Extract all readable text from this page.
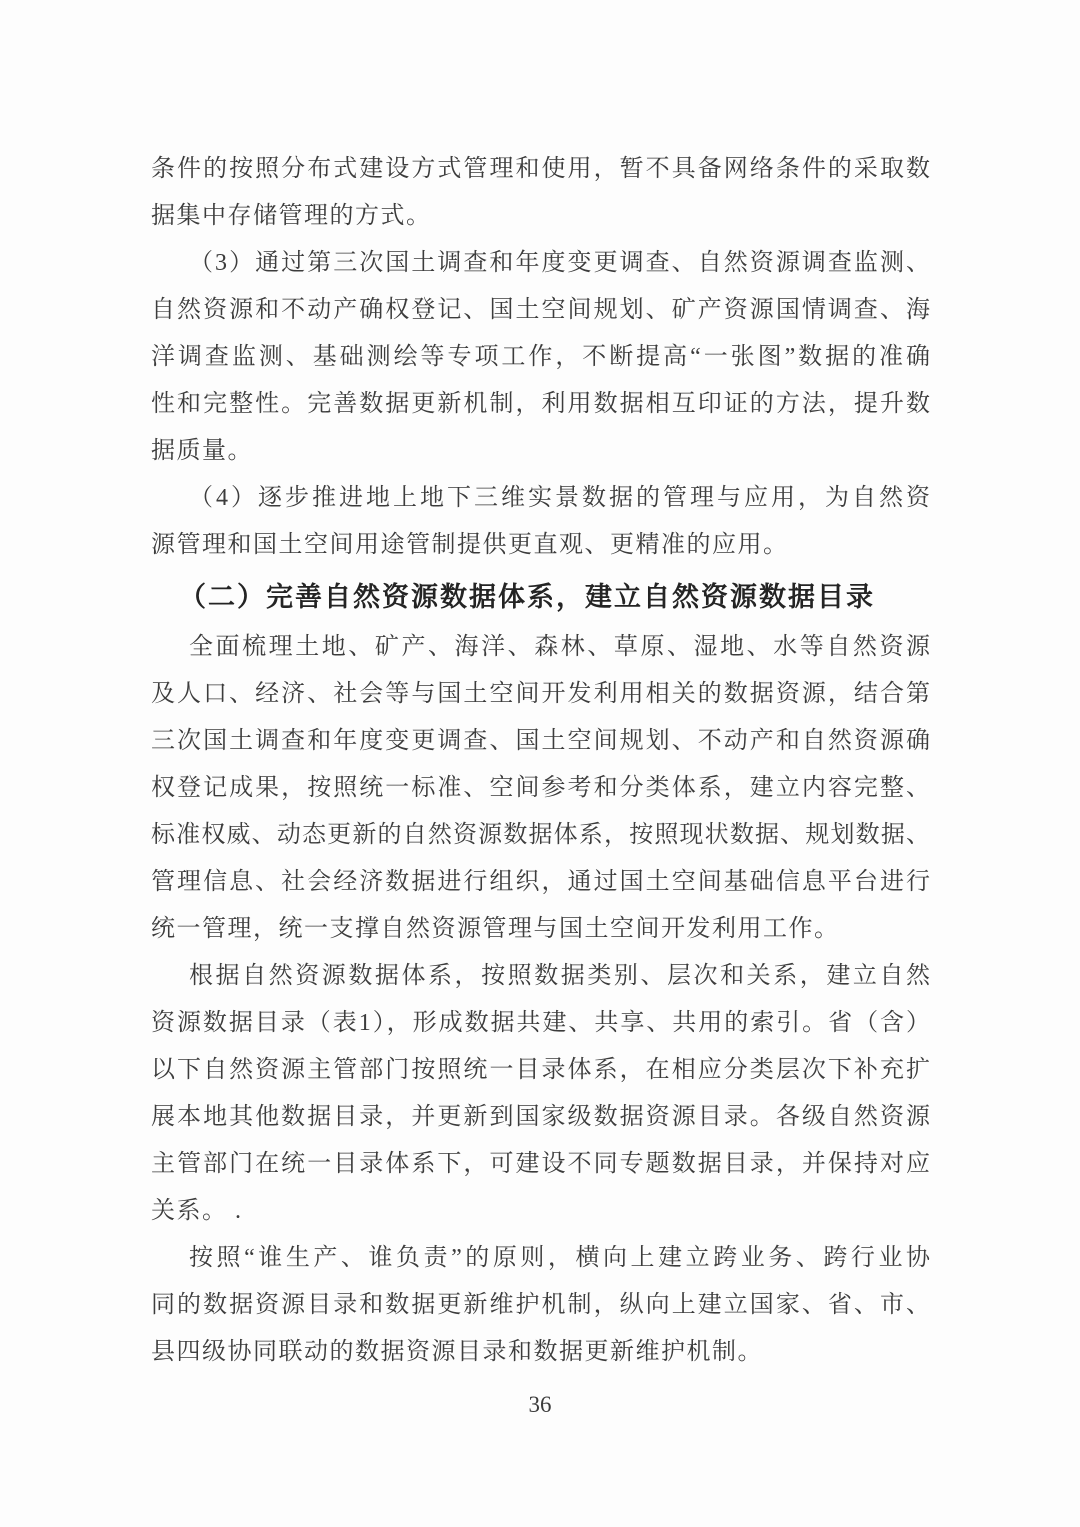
条件的按照分布式建设方式管理和使用，暂不具备网络条件的采取数
据集中存储管理的方式。

（3）通过第三次国土调查和年度变更调查、自然资源调查监测、
自然资源和不动产确权登记、国土空间规划、矿产资源国情调查、海
洋调查监测、基础测绘等专项工作，不断提高“一张图”数据的准确
性和完整性。完善数据更新机制，利用数据相互印证的方法，提升数
据质量。

（4）逐步推进地上地下三维实景数据的管理与应用，为自然资
源管理和国土空间用途管制提供更直观、更精准的应用。

（二）完善自然资源数据体系，建立自然资源数据目录

全面梳理土地、矿产、海洋、森林、草原、湿地、水等自然资源
及人口、经济、社会等与国土空间开发利用相关的数据资源，结合第
三次国土调查和年度变更调查、国土空间规划、不动产和自然资源确
权登记成果，按照统一标准、空间参考和分类体系，建立内容完整、
标准权威、动态更新的自然资源数据体系，按照现状数据、规划数据、
管理信息、社会经济数据进行组织，通过国土空间基础信息平台进行
统一管理，统一支撑自然资源管理与国土空间开发利用工作。

根据自然资源数据体系，按照数据类别、层次和关系，建立自然
资源数据目录（表1），形成数据共建、共享、共用的索引。省（含）
以下自然资源主管部门按照统一目录体系，在相应分类层次下补充扩
展本地其他数据目录，并更新到国家级数据资源目录。各级自然资源
主管部门在统一目录体系下，可建设不同专题数据目录，并保持对应
关系。 .

按照“谁生产、谁负责”的原则，横向上建立跨业务、跨行业协
同的数据资源目录和数据更新维护机制，纵向上建立国家、省、市、
县四级协同联动的数据资源目录和数据更新维护机制。

36
